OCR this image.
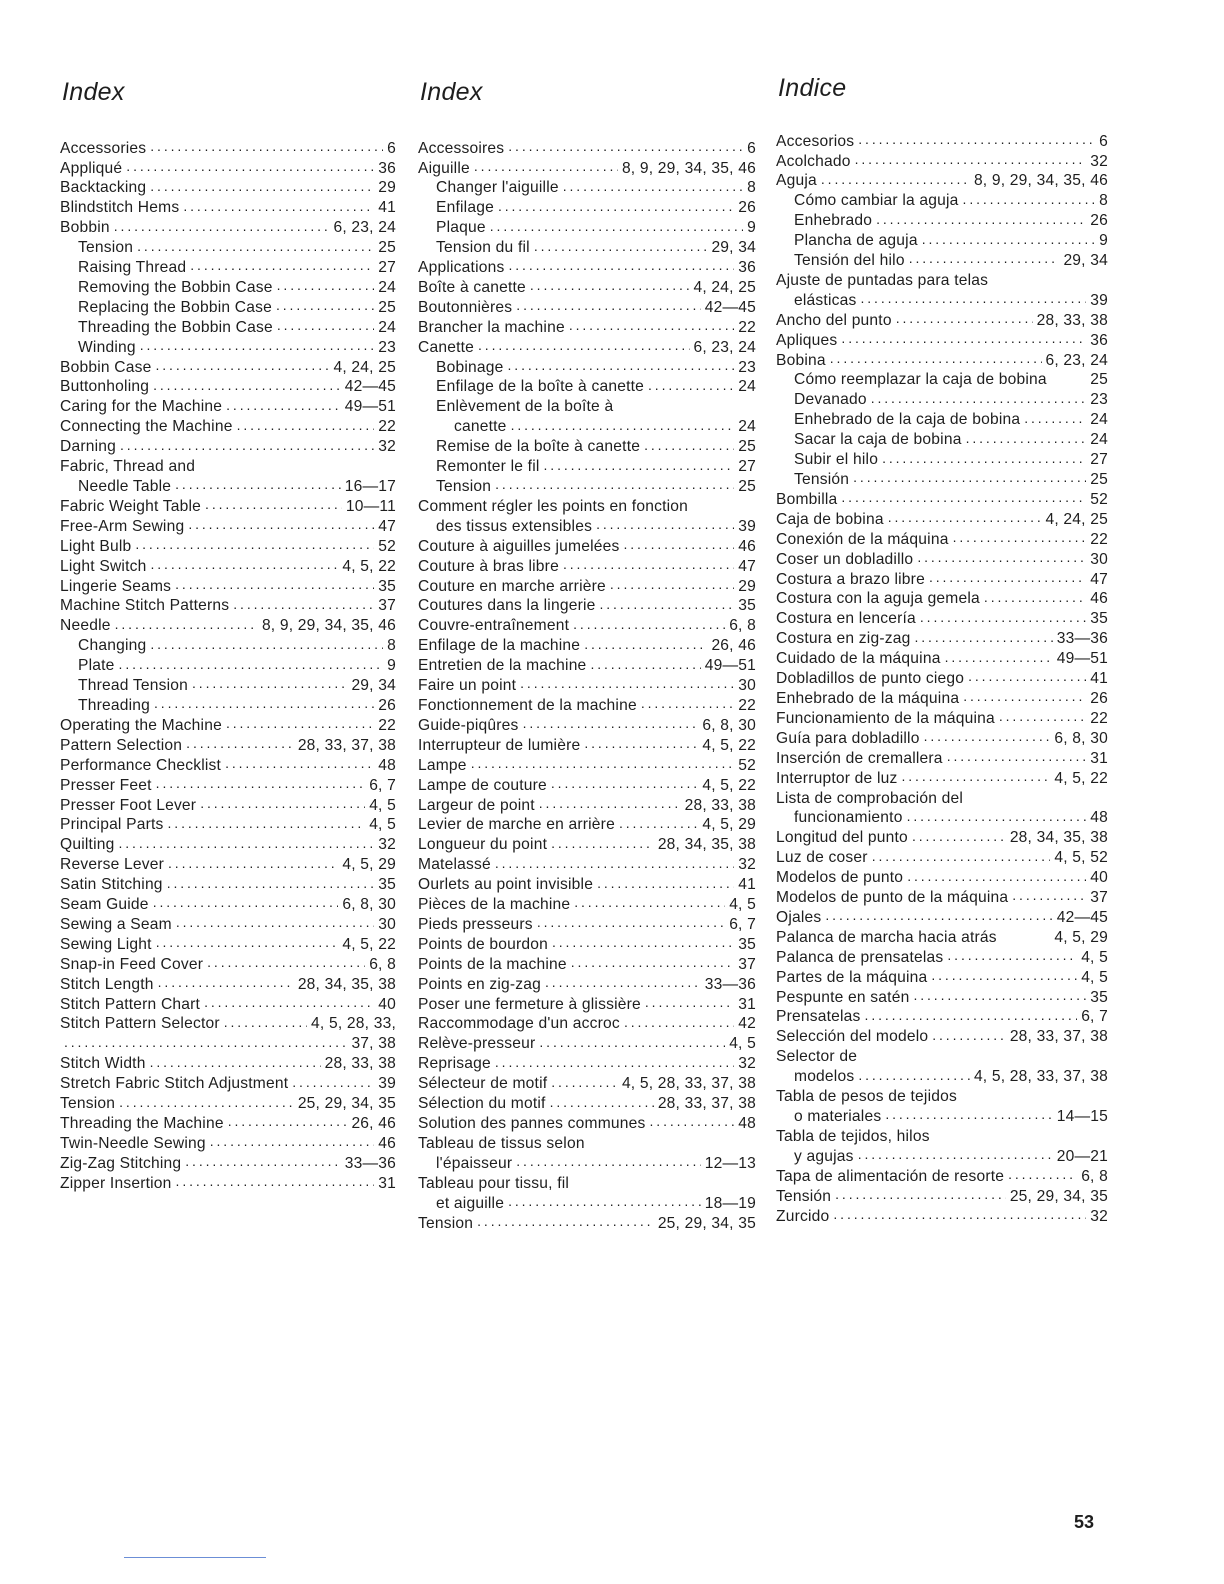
Index
Accessories . . .	6
Appliqué . . .	36
Backtacking . . .	29
Blindstitch Hems . . .	41
Bobbin . . .	6, 23, 24
Tension . . .	25
Raising Thread . . .	27
Removing the Bobbin Case . . .	24
Replacing the Bobbin Case . . .	25
Threading the Bobbin Case . . .	24
Winding . . .	23
Bobbin Case . . .	4, 24, 25
Buttonholing . . .	42—45
Caring for the Machine . . .	49—51
Connecting the Machine . . .	22
Darning . . .	32
Fabric, Thread and
Needle Table . . .	16—17
Fabric Weight Table . . .	10—11
Free-Arm Sewing . . .	47
Light Bulb . . .	52
Light Switch . . .	4, 5, 22
Lingerie Seams . . .	35
Machine Stitch Patterns . . .	37
Needle . . .	8, 9, 29, 34, 35, 46
Changing . . .	8
Plate . . .	9
Thread Tension . . .	29, 34
Threading . . .	26
Operating the Machine . . .	22
Pattern Selection . . .	28, 33, 37, 38
Performance Checklist . . .	48
Presser Feet . . .	6, 7
Presser Foot Lever . . .	4, 5
Principal Parts . . .	4, 5
Quilting . . .	32
Reverse Lever . . .	4, 5, 29
Satin Stitching . . .	35
Seam Guide . . .	6, 8, 30
Sewing a Seam . . .	30
Sewing Light . . .	4, 5, 22
Snap-in Feed Cover . . .	6, 8
Stitch Length . . .	28, 34, 35, 38
Stitch Pattern Chart . . .	40
Stitch Pattern Selector . . .	4, 5, 28, 33,
. . .
37, 38
Stitch Width . . .	28, 33, 38
Stretch Fabric Stitch Adjustment . . .	39
Tension . . .	25, 29, 34, 35
Threading the Machine . . .	26, 46
Twin-Needle Sewing . . .	46
Zig-Zag Stitching . . .	33—36
Zipper Insertion . . .	31
Index
Accessoires . . .	6
Aiguille . . .	8, 9, 29, 34, 35, 46
Changer l'aiguille . . .	8
Enfilage . . .	26
Plaque . . .	9
Tension du fil . . .	29, 34
Applications . . .	36
Boîte à canette . . .	4, 24, 25
Boutonnières . . .	42—45
Brancher la machine . . .	22
Canette . . .	6, 23, 24
Bobinage . . .	23
Enfilage de la boîte à canette . . .	24
Enlèvement de la boîte à
canette . . .	24
Remise de la boîte à canette . . .	25
Remonter le fil . . .	27
Tension . . .	25
Comment régler les points en fonction
des tissus extensibles . . .	39
Couture à aiguilles jumelées . . .	46
Couture à bras libre . . .	47
Couture en marche arrière . . .	29
Coutures dans la lingerie . . .	35
Couvre-entraînement . . .	6, 8
Enfilage de la machine . . .	26, 46
Entretien de la machine . . .	49—51
Faire un point . . .	30
Fonctionnement de la machine . . .	22
Guide-piqûres . . .	6, 8, 30
Interrupteur de lumière . . .	4, 5, 22
Lampe . . .	52
Lampe de couture . . .	4, 5, 22
Largeur de point . . .	28, 33, 38
Levier de marche en arrière . . .	4, 5, 29
Longueur du point . . .	28, 34, 35, 38
Matelassé . . .	32
Ourlets au point invisible . . .	41
Pièces de la machine . . .	4, 5
Pieds presseurs . . .	6, 7
Points de bourdon . . .	35
Points de la machine . . .	37
Points en zig-zag . . .	33—36
Poser une fermeture à glissière . . .	31
Raccommodage d'un accroc . . .	42
Relève-presseur . . .	4, 5
Reprisage . . .	32
Sélecteur de motif . . .	4, 5, 28, 33, 37, 38
Sélection du motif . . .	28, 33, 37, 38
Solution des pannes communes . . .	48
Tableau de tissus selon
l'épaisseur . . .	12—13
Tableau pour tissu, fil
et aiguille . . .	18—19
Tension . . .	25, 29, 34, 35
Indice
Accesorios . . .	6
Acolchado . . .	32
Aguja . . .	8, 9, 29, 34, 35, 46
Cómo cambiar la aguja . . .	8
Enhebrado . . .	26
Plancha de aguja . . .	9
Tensión del hilo . . .	29, 34
Ajuste de puntadas para telas
elásticas . . .	39
Ancho del punto . . .	28, 33, 38
Apliques . . .	36
Bobina . . .	6, 23, 24
Cómo reemplazar la caja de bobina	25
Devanado . . .	23
Enhebrado de la caja de bobina . . .	24
Sacar la caja de bobina . . .	24
Subir el hilo . . .	27
Tensión . . .	25
Bombilla . . .	52
Caja de bobina . . .	4, 24, 25
Conexión de la máquina . . .	22
Coser un dobladillo . . .	30
Costura a brazo libre . . .	47
Costura con la aguja gemela . . .	46
Costura en lencería . . .	35
Costura en zig-zag . . .	33—36
Cuidado de la máquina . . .	49—51
Dobladillos de punto ciego . . .	41
Enhebrado de la máquina . . .	26
Funcionamiento de la máquina . . .	22
Guía para dobladillo . . .	6, 8, 30
Inserción de cremallera . . .	31
Interruptor de luz . . .	4, 5, 22
Lista de comprobación del
funcionamiento . . .	48
Longitud del punto . . .	28, 34, 35, 38
Luz de coser . . .	4, 5, 52
Modelos de punto . . .	40
Modelos de punto de la máquina . . .	37
Ojales . . .	42—45
Palanca de marcha hacia atrás	4, 5, 29
Palanca de prensatelas . . .	4, 5
Partes de la máquina . . .	4, 5
Pespunte en satén . . .	35
Prensatelas . . .	6, 7
Selección del modelo . . .	28, 33, 37, 38
Selector de
modelos . . .	4, 5, 28, 33, 37, 38
Tabla de pesos de tejidos
o materiales . . .	14—15
Tabla de tejidos, hilos
y agujas . . .	20—21
Tapa de alimentación de resorte . . .	6, 8
Tensión . . .	25, 29, 34, 35
Zurcido . . .	32
53
